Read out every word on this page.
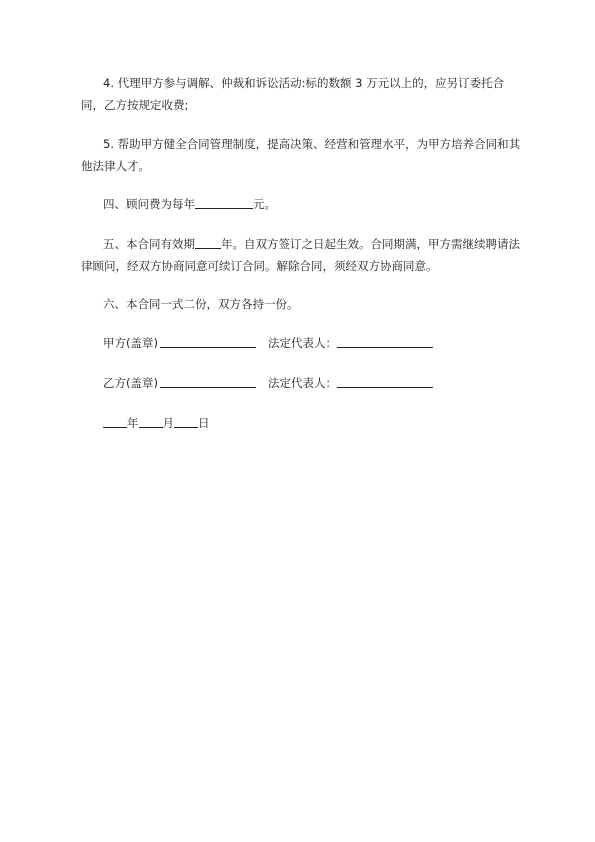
4. 代理甲方参与调解、仲裁和诉讼活动:标的数额 3 万元以上的，应另订委托合同，乙方按规定收费;

5. 帮助甲方健全合同管理制度，提高决策、经营和管理水平，为甲方培养合同和其他法律人才。

四、顾问费为每年	元。

五、本合同有效期 年。自双方签订之日起生效。合同期满，甲方需继续聘请法律顾问，经双方协商同意可续订合同。解除合同，须经双方协商同意。

六、本合同一式二份，双方各持一份。

甲方(盖章)	法定代表人：
乙方(盖章)	法定代表人：
年 月 日
